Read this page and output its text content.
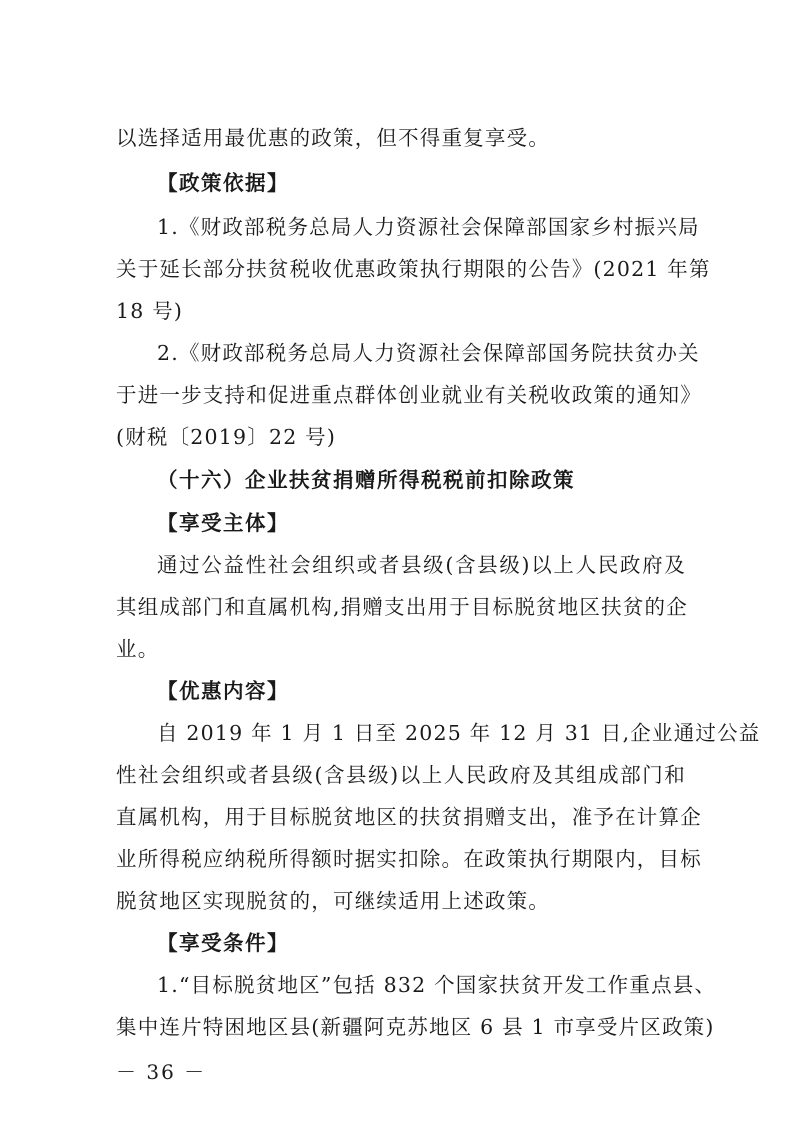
以选择适用最优惠的政策，但不得重复享受。
【政策依据】
1.《财政部税务总局人力资源社会保障部国家乡村振兴局
关于延长部分扶贫税收优惠政策执行期限的公告》(2021 年第
18 号)
2.《财政部税务总局人力资源社会保障部国务院扶贫办关
于进一步支持和促进重点群体创业就业有关税收政策的通知》
(财税〔2019〕22 号)
（十六）企业扶贫捐赠所得税税前扣除政策
【享受主体】
通过公益性社会组织或者县级(含县级)以上人民政府及
其组成部门和直属机构,捐赠支出用于目标脱贫地区扶贫的企
业。
【优惠内容】
自 2019 年 1 月 1 日至 2025 年 12 月 31 日,企业通过公益
性社会组织或者县级(含县级)以上人民政府及其组成部门和
直属机构，用于目标脱贫地区的扶贫捐赠支出，准予在计算企
业所得税应纳税所得额时据实扣除。在政策执行期限内，目标
脱贫地区实现脱贫的，可继续适用上述政策。
【享受条件】
1.“目标脱贫地区”包括 832 个国家扶贫开发工作重点县、
集中连片特困地区县(新疆阿克苏地区 6 县 1 市享受片区政策)
－ 36 －
